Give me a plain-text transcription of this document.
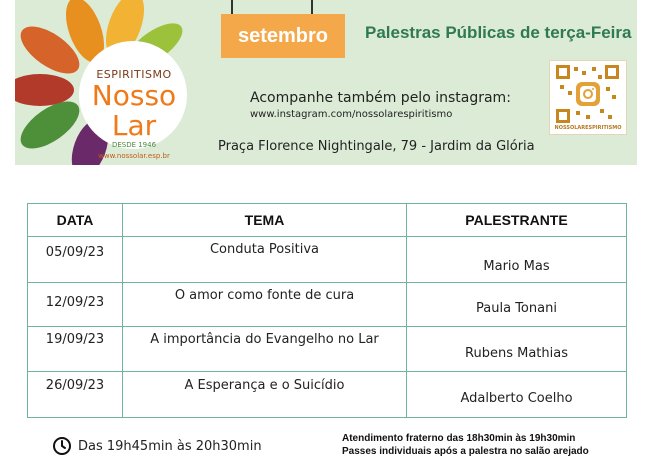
ESPIRITISMO
Nosso Lar
DESDE 1946
www.nossolar.esp.br
setembro	Palestras Públicas de terça-Feira
Acompanhe também pelo instagram:
www.instagram.com/nossolarespiritismo
Praça Florence Nightingale, 79 - Jardim da Glória
NOSSOLARESPIRITISMO
DATA	TEMA	PALESTRANTE
05/09/23	Conduta Positiva	Mario Mas
12/09/23	O amor como fonte de cura	Paula Tonani
19/09/23	A importância do Evangelho no Lar	Rubens Mathias
26/09/23	A Esperança e o Suicídio	Adalberto Coelho
Das 19h45min às 20h30min	Atendimento fraterno das 18h30min às 19h30min
Passes individuais após a palestra no salão arejado
